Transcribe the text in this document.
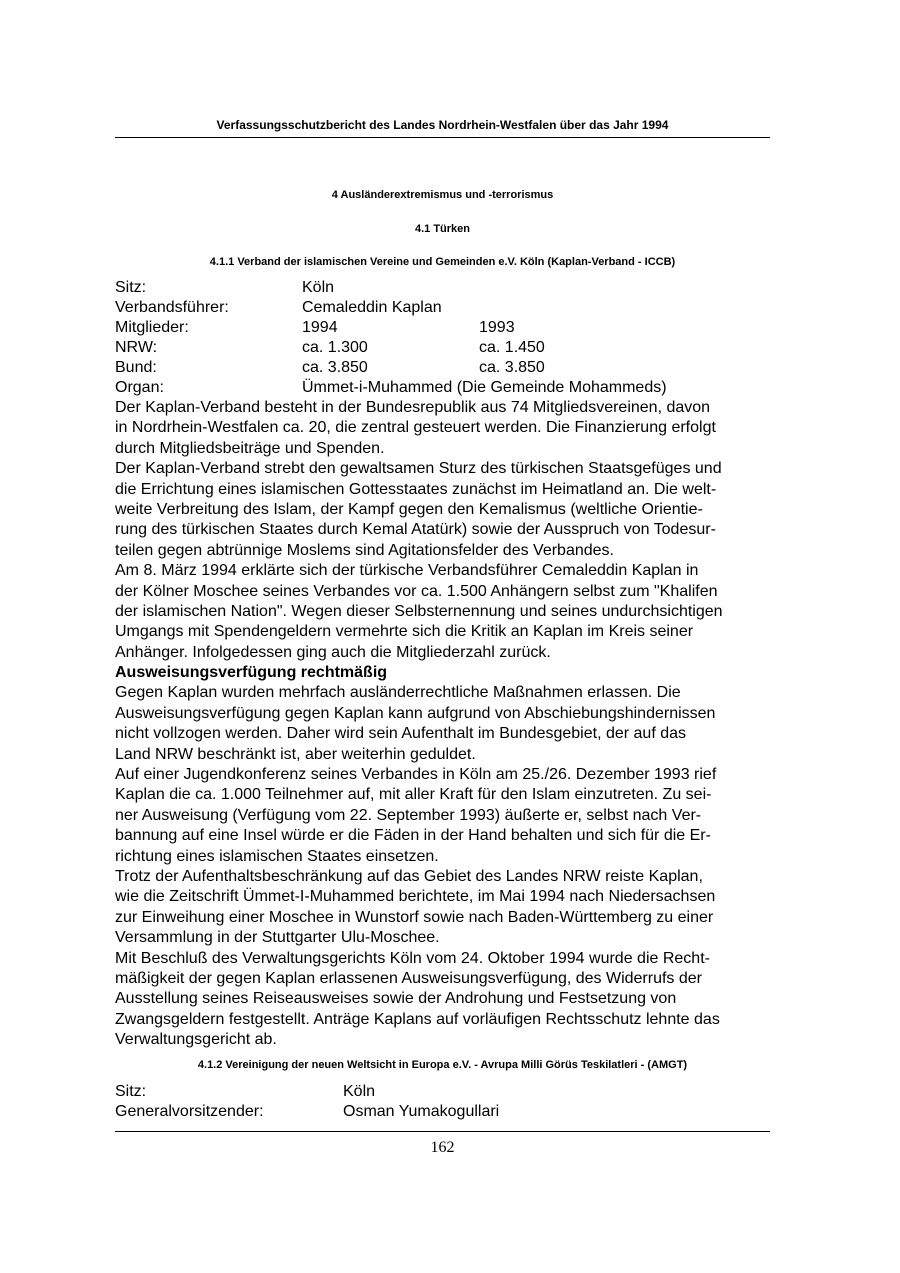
Verfassungsschutzbericht des Landes Nordrhein-Westfalen über das Jahr 1994
4 Ausländerextremismus und -terrorismus
4.1 Türken
4.1.1 Verband der islamischen Vereine und Gemeinden e.V. Köln (Kaplan-Verband - ICCB)
Sitz:	Köln
Verbandsführer:	Cemaleddin Kaplan
Mitglieder:	1994	1993
NRW:	ca. 1.300	ca. 1.450
Bund:	ca. 3.850	ca. 3.850
Organ:	Ümmet-i-Muhammed (Die Gemeinde Mohammeds)
Der Kaplan-Verband besteht in der Bundesrepublik aus 74 Mitgliedsvereinen, davon
in Nordrhein-Westfalen ca. 20, die zentral gesteuert werden. Die Finanzierung erfolgt
durch Mitgliedsbeiträge und Spenden.
Der Kaplan-Verband strebt den gewaltsamen Sturz des türkischen Staatsgefüges und
die Errichtung eines islamischen Gottesstaates zunächst im Heimatland an. Die welt-
weite Verbreitung des Islam, der Kampf gegen den Kemalismus (weltliche Orientie-
rung des türkischen Staates durch Kemal Atatürk) sowie der Ausspruch von Todesur-
teilen gegen abtrünnige Moslems sind Agitationsfelder des Verbandes.
Am 8. März 1994 erklärte sich der türkische Verbandsführer Cemaleddin Kaplan in
der Kölner Moschee seines Verbandes vor ca. 1.500 Anhängern selbst zum "Khalifen
der islamischen Nation". Wegen dieser Selbsternennung und seines undurchsichtigen
Umgangs mit Spendengeldern vermehrte sich die Kritik an Kaplan im Kreis seiner
Anhänger. Infolgedessen ging auch die Mitgliederzahl zurück.
Ausweisungsverfügung rechtmäßig
Gegen Kaplan wurden mehrfach ausländerrechtliche Maßnahmen erlassen. Die
Ausweisungsverfügung gegen Kaplan kann aufgrund von Abschiebungshindernissen
nicht vollzogen werden. Daher wird sein Aufenthalt im Bundesgebiet, der auf das
Land NRW beschränkt ist, aber weiterhin geduldet.
Auf einer Jugendkonferenz seines Verbandes in Köln am 25./26. Dezember 1993 rief
Kaplan die ca. 1.000 Teilnehmer auf, mit aller Kraft für den Islam einzutreten. Zu sei-
ner Ausweisung (Verfügung vom 22. September 1993) äußerte er, selbst nach Ver-
bannung auf eine Insel würde er die Fäden in der Hand behalten und sich für die Er-
richtung eines islamischen Staates einsetzen.
Trotz der Aufenthaltsbeschränkung auf das Gebiet des Landes NRW reiste Kaplan,
wie die Zeitschrift Ümmet-I-Muhammed berichtete, im Mai 1994 nach Niedersachsen
zur Einweihung einer Moschee in Wunstorf sowie nach Baden-Württemberg zu einer
Versammlung in der Stuttgarter Ulu-Moschee.
Mit Beschluß des Verwaltungsgerichts Köln vom 24. Oktober 1994 wurde die Recht-
mäßigkeit der gegen Kaplan erlassenen Ausweisungsverfügung, des Widerrufs der
Ausstellung seines Reiseausweises sowie der Androhung und Festsetzung von
Zwangsgeldern festgestellt. Anträge Kaplans auf vorläufigen Rechtsschutz lehnte das
Verwaltungsgericht ab.
4.1.2 Vereinigung der neuen Weltsicht in Europa e.V. - Avrupa Milli Görüs Teskilatleri - (AMGT)
Sitz:	Köln
Generalvorsitzender:	Osman Yumakogullari
162
